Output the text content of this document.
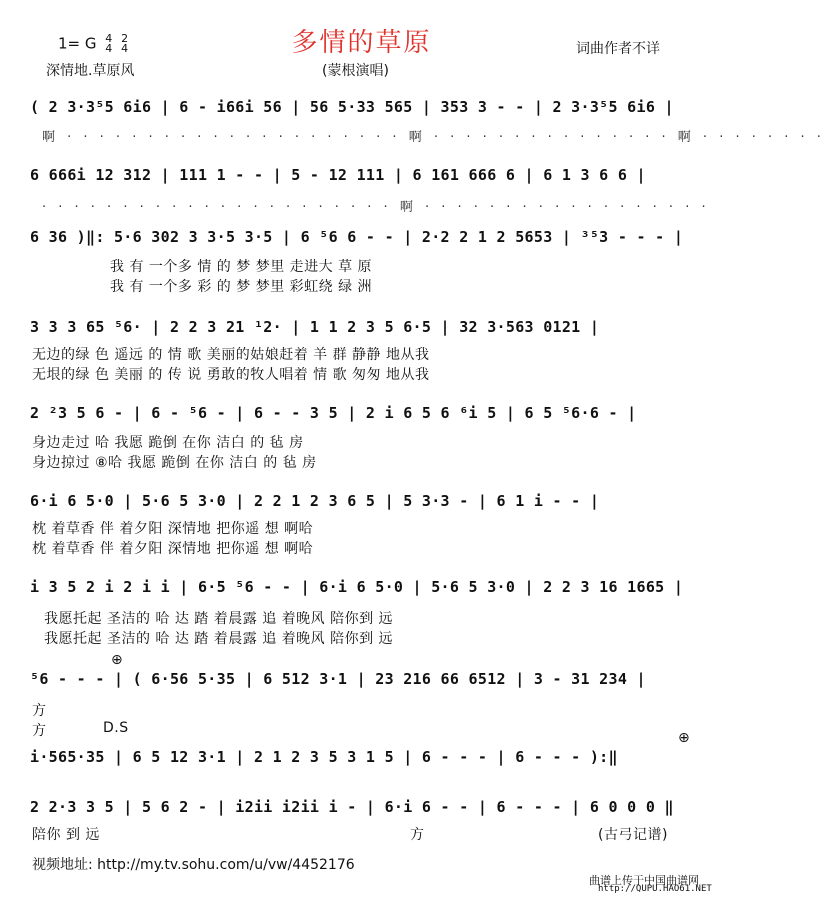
多情的草原
1= G 4
4 2
4
深情地.草原风	(蒙根演唱)
词曲作者不详
( 2 3·3⁵5 6i6 | 6 - i66i 56 | 56 5·33 565 | 353 3 - - | 2 3·3⁵5 6i6 |
啊 · · · · · · · · · · · · · · · · · · · · · 啊 · · · · · · · · · · · · · · · 啊 · · · · · · · ·
6 666i 12 312 | 111 1 - - | 5 - 12 111 | 6 161 666 6 | 6 1 3 6 6 |
· · · · · · · · · · · · · · · · · · · · · · 啊 · · · · · · · · · · · · · · · · · ·
6 36 )‖: 5·6 302 3 3·5 3·5 | 6 ⁵6 6 - - | 2·2 2 1 2 5653 | ³⁵3 - - - |
我 有 一个多 情 的 梦 梦里 走进大 草 原
我 有 一个多 彩 的 梦 梦里 彩虹绕 绿 洲
3 3 3 65 ⁵6· | 2 2 3 21 ¹2· | 1 1 2 3 5 6·5 | 32 3·563 0121 |
无边的绿 色 遥远 的 情 歌 美丽的姑娘赶着 羊 群 静静 地从我
无垠的绿 色 美丽 的 传 说 勇敢的牧人唱着 情 歌 匆匆 地从我
2 ²3 5 6 - | 6 - ⁵6 - | 6 - - 3 5 | 2 i 6 5 6 ⁶i 5 | 6 5 ⁵6·6 - |
身边走过 哈 我愿 跪倒 在你 洁白 的 毡 房
身边掠过 ⑧哈 我愿 跪倒 在你 洁白 的 毡 房
6·i 6 5·0 | 5·6 5 3·0 | 2 2 1 2 3 6 5 | 5 3·3 - | 6 1 i - - |
枕 着草香 伴 着夕阳 深情地 把你遥 想 啊哈
枕 着草香 伴 着夕阳 深情地 把你遥 想 啊哈
i 3 5 2 i 2 i i | 6·5 ⁵6 - - | 6·i 6 5·0 | 5·6 5 3·0 | 2 2 3 16 1665 |
我愿托起 圣洁的 哈 达 踏 着晨露 追 着晚风 陪你到 远
我愿托起 圣洁的 哈 达 踏 着晨露 追 着晚风 陪你到 远
⊕
⁵6 - - - | ( 6·56 5·35 | 6 512 3·1 | 23 216 66 6512 | 3 - 31 234 |
方
方	D.S
⊕
i·565·35 | 6 5 12 3·1 | 2 1 2 3 5 3 1 5 | 6 - - - | 6 - - - ):‖
2 2·3 3 5 | 5 6 2 - | i2ii i2ii i - | 6·i 6 - - | 6 - - - | 6 0 0 0 ‖
陪你 到 远	方	(古弓记谱)
视频地址: http://my.tv.sohu.com/u/vw/4452176
曲谱上传于中国曲谱网
http://QUPU.HAO61.NET
